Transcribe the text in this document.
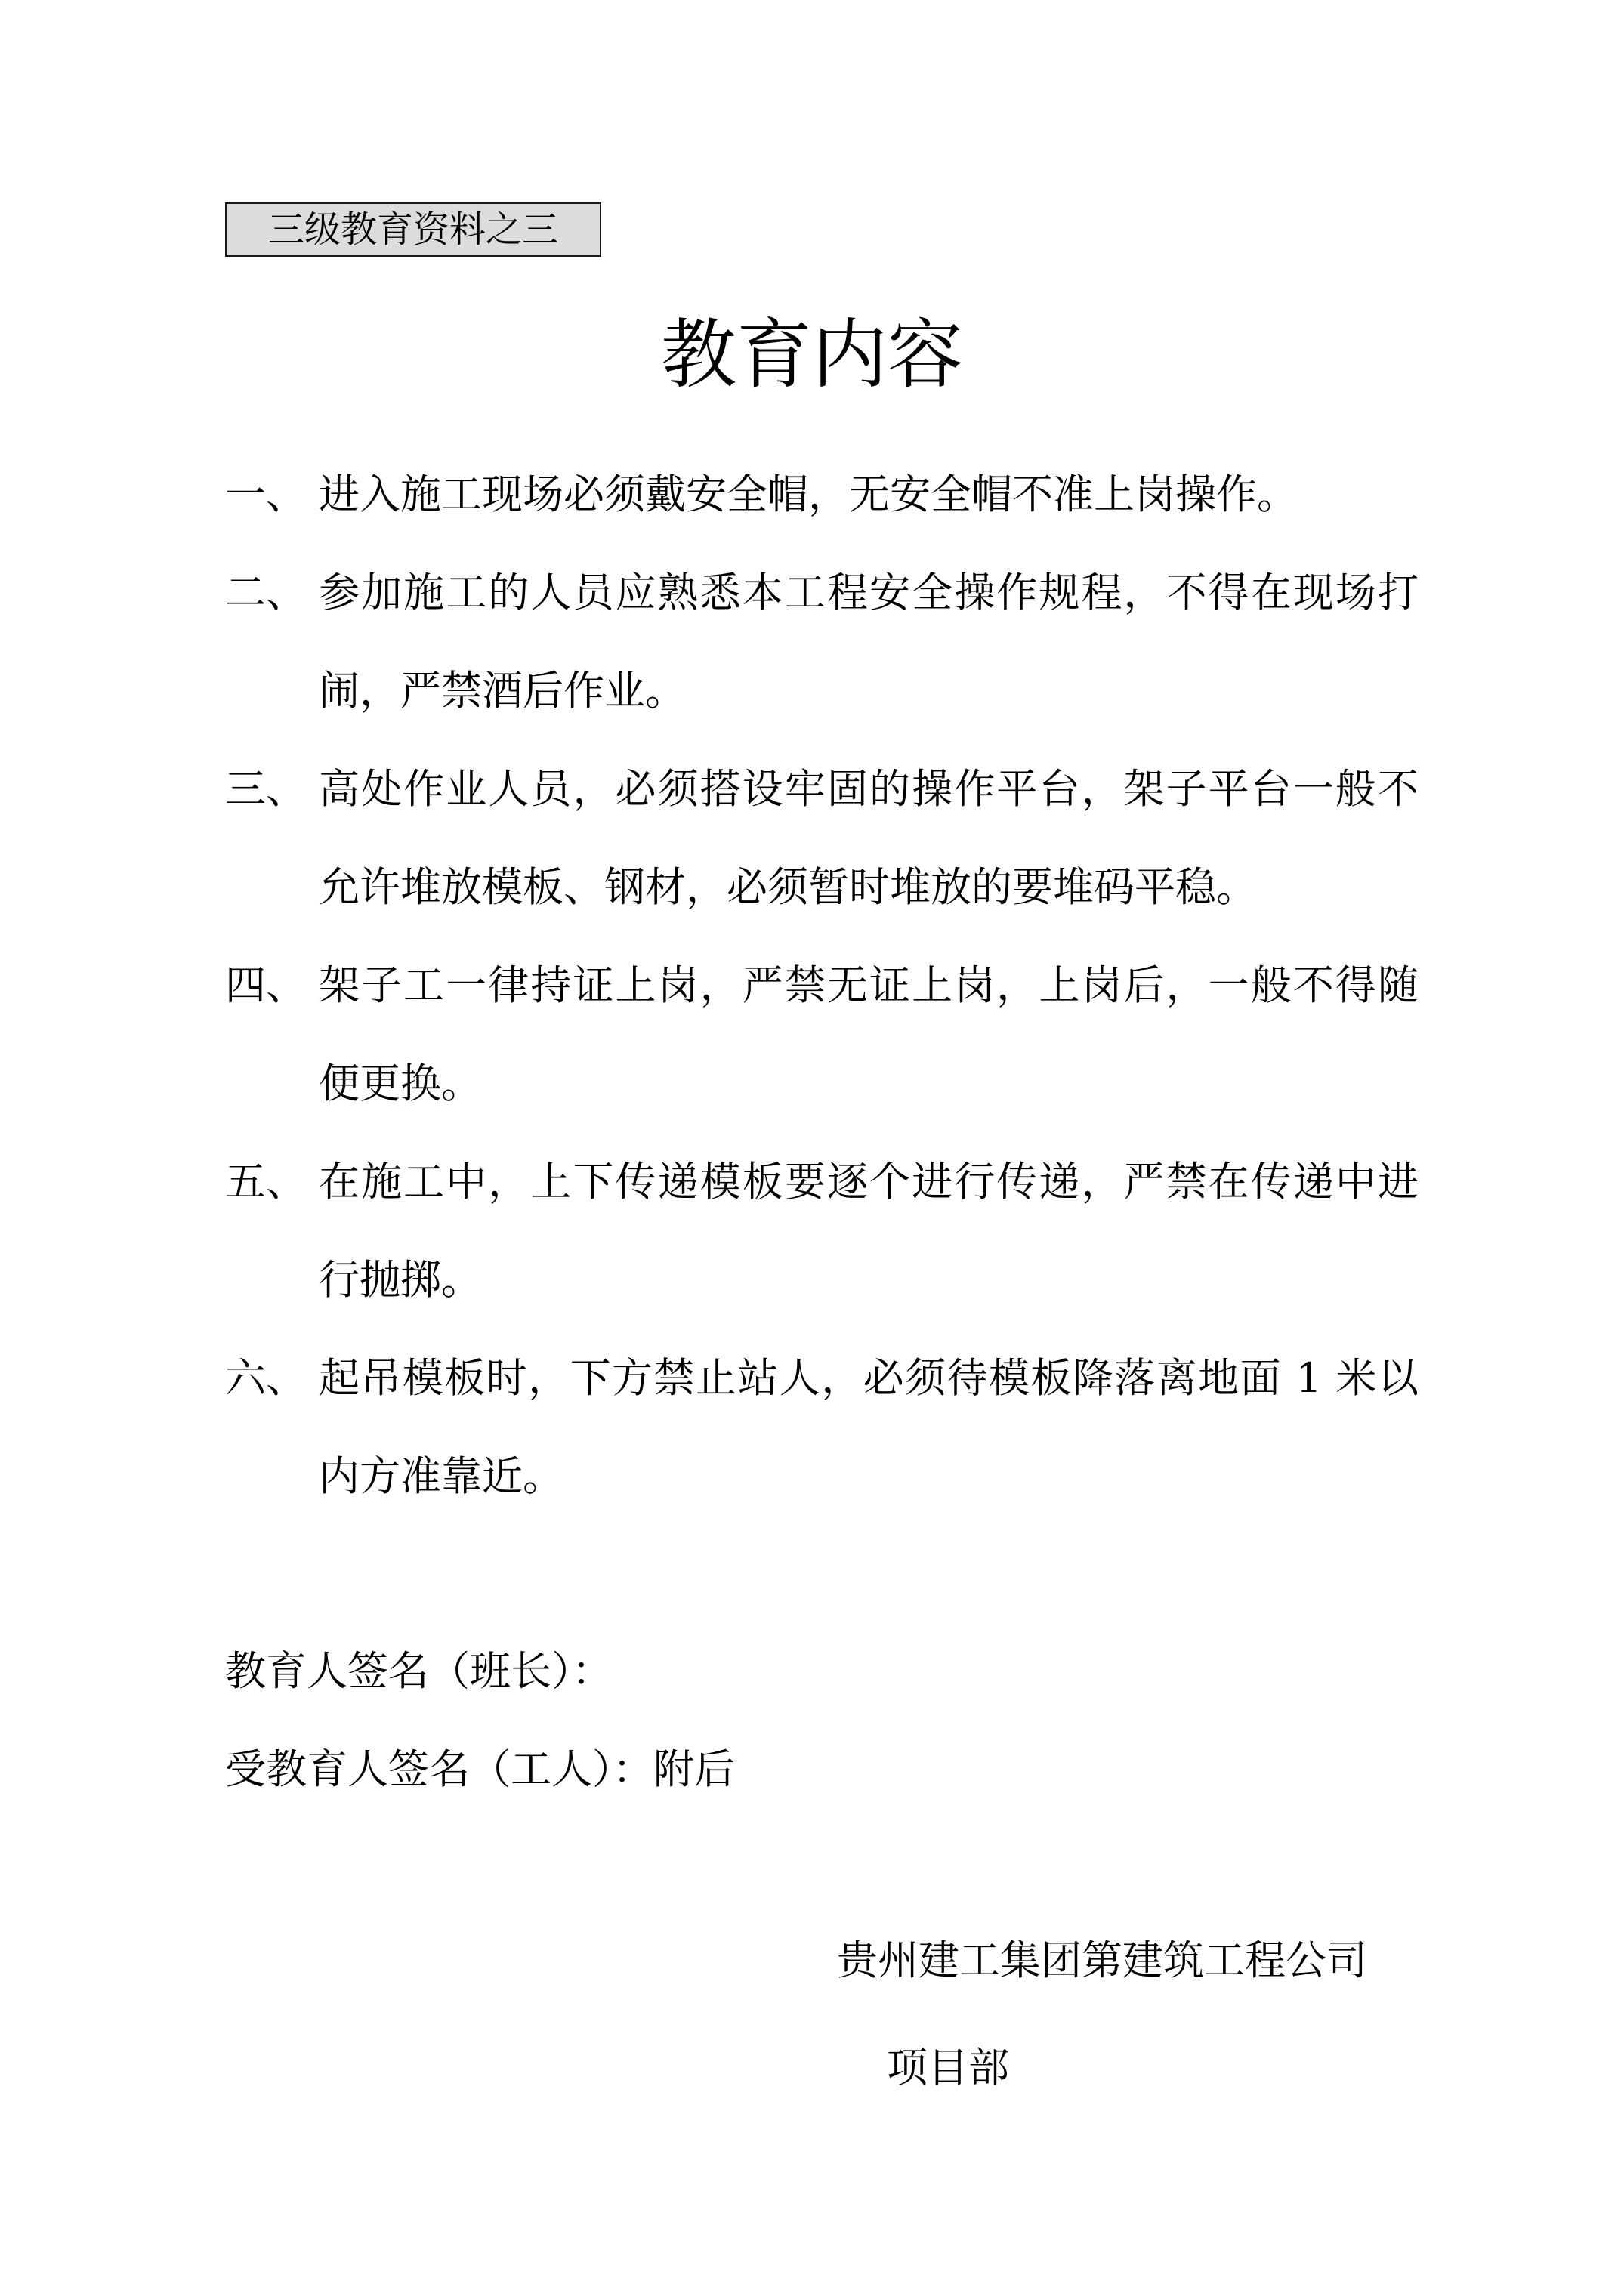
三级教育资料之三
教育内容
一、 进入施工现场必须戴安全帽，无安全帽不准上岗操作。
二、 参加施工的人员应熟悉本工程安全操作规程，不得在现场打闹，严禁酒后作业。
三、 高处作业人员，必须搭设牢固的操作平台，架子平台一般不允许堆放模板、钢材，必须暂时堆放的要堆码平稳。
四、 架子工一律持证上岗，严禁无证上岗，上岗后，一般不得随便更换。
五、 在施工中，上下传递模板要逐个进行传递，严禁在传递中进行抛掷。
六、 起吊模板时，下方禁止站人，必须待模板降落离地面 1 米以内方准靠近。
教育人签名（班长）：
受教育人签名（工人）：附后
贵州建工集团第建筑工程公司
项目部
